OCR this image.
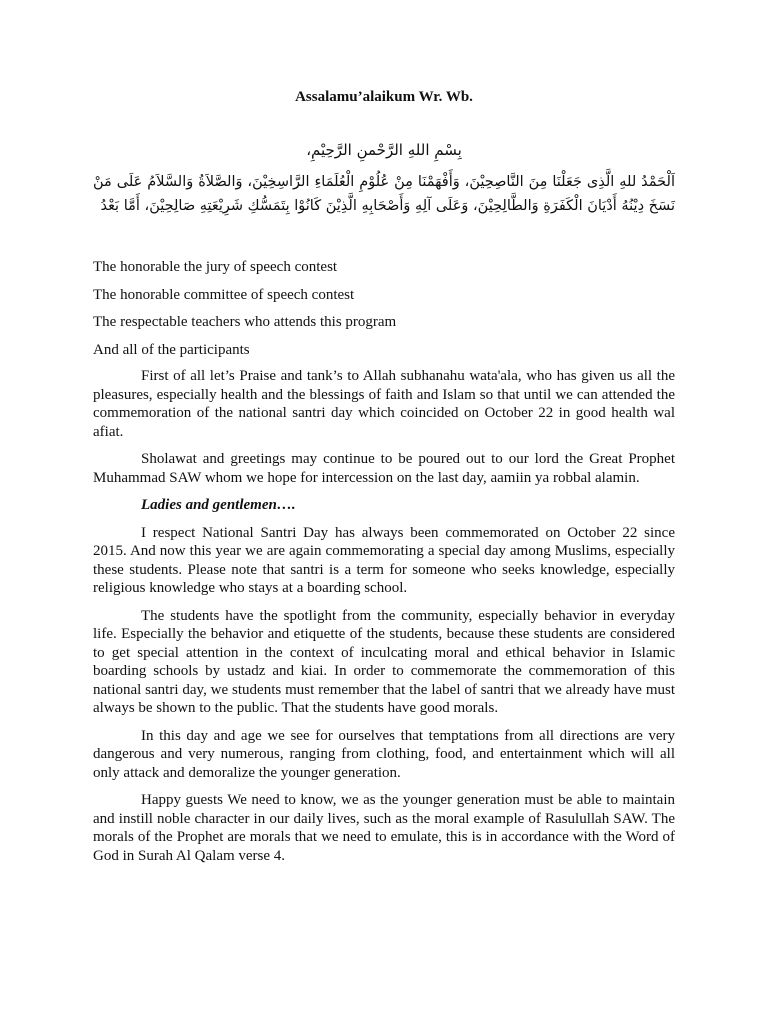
Assalamu’alaikum Wr. Wb.
بِسْمِ اللهِ الرَّحْمنِ الرَّحِيْمِ،
اَلْحَمْدُ للهِ الَّذِى جَعَلْنَا مِنَ النَّاصِحِيْنَ، وَأَفْهَمْنَا مِنْ عُلُوْمِ الْعُلَمَاءِ الرَّاسِخِيْنَ، وَالصَّلاَةُ وَالسَّلاَمُ عَلَى مَنْ نَسَخَ دِيْنُهُ أَدْيَانَ الْكَفَرَةِ وَالطَّالِحِيْنَ، وَعَلَى آلِهِ وَأَصْحَابِهِ الَّذِيْنَ كَانُوْا بِتَمَسُّكِ شَرِيْعَتِهِ صَالِحِيْنَ، أَمَّا بَعْدُ
The honorable the jury of speech contest
The honorable committee of speech contest
The respectable teachers who attends this program
And all of the participants

First of all let’s Praise and tank’s to Allah subhanahu wata'ala, who has given us all the pleasures, especially health and the blessings of faith and Islam so that until we can attended the commemoration of the national santri day which coincided on October 22 in good health wal afiat.

Sholawat and greetings may continue to be poured out to our lord the Great Prophet Muhammad SAW whom we hope for intercession on the last day, aamiin ya robbal alamin.

Ladies and gentlemen….

I respect National Santri Day has always been commemorated on October 22 since 2015. And now this year we are again commemorating a special day among Muslims, especially these students. Please note that santri is a term for someone who seeks knowledge, especially religious knowledge who stays at a boarding school.

The students have the spotlight from the community, especially behavior in everyday life. Especially the behavior and etiquette of the students, because these students are considered to get special attention in the context of inculcating moral and ethical behavior in Islamic boarding schools by ustadz and kiai. In order to commemorate the commemoration of this national santri day, we students must remember that the label of santri that we already have must always be shown to the public. That the students have good morals.

In this day and age we see for ourselves that temptations from all directions are very dangerous and very numerous, ranging from clothing, food, and entertainment which will all only attack and demoralize the younger generation.

Happy guests We need to know, we as the younger generation must be able to maintain and instill noble character in our daily lives, such as the moral example of Rasulullah SAW. The morals of the Prophet are morals that we need to emulate, this is in accordance with the Word of God in Surah Al Qalam verse 4.
